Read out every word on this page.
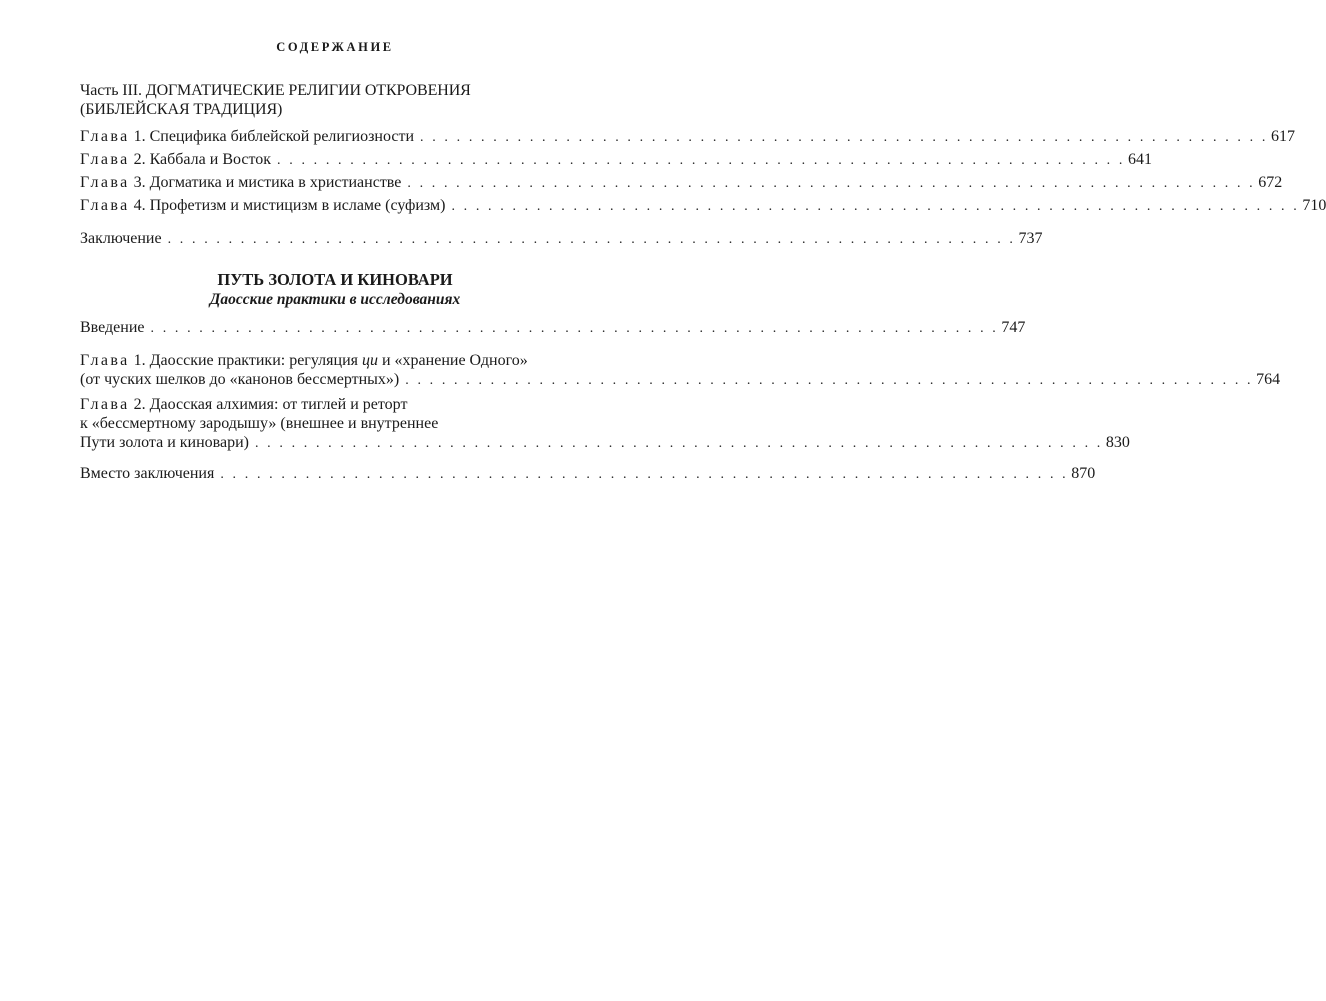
СОДЕРЖАНИЕ
Часть III. ДОГМАТИЧЕСКИЕ РЕЛИГИИ ОТКРОВЕНИЯ
(БИБЛЕЙСКАЯ ТРАДИЦИЯ)
Глава
1. Специфика библейской религиозности . . . . . . . . . . . . . . . . . . . . . . . . . . . . . . . . . . . . . . . . . . . . . . . . . . . . . . . . . . . . . . . . . . . . . . 617
Глава
2. Каббала и Восток . . . . . . . . . . . . . . . . . . . . . . . . . . . . . . . . . . . . . . . . . . . . . . . . . . . . . . . . . . . . . . . . . . . . . . 641
Глава
3. Догматика и мистика в христианстве . . . . . . . . . . . . . . . . . . . . . . . . . . . . . . . . . . . . . . . . . . . . . . . . . . . . . . . . . . . . . . . . . . . . . . 672
Глава
4. Профетизм и мистицизм в исламе (суфизм) . . . . . . . . . . . . . . . . . . . . . . . . . . . . . . . . . . . . . . . . . . . . . . . . . . . . . . . . . . . . . . . . . . . . . . 710
Заключение . . . . . . . . . . . . . . . . . . . . . . . . . . . . . . . . . . . . . . . . . . . . . . . . . . . . . . . . . . . . . . . . . . . . . . 737
ПУТЬ ЗОЛОТА И КИНОВАРИ
Даосские практики в исследованиях
Введение . . . . . . . . . . . . . . . . . . . . . . . . . . . . . . . . . . . . . . . . . . . . . . . . . . . . . . . . . . . . . . . . . . . . . . 747
Глава
1. Даосские практики: регуляция ци и «хранение Одного»
(от чуских шелков до «канонов бессмертных») . . . . . . . . . . . . . . . . . . . . . . . . . . . . . . . . . . . . . . . . . . . . . . . . . . . . . . . . . . . . . . . . . . . . . . 764
Глава
2. Даосская алхимия: от тиглей и реторт
к «бессмертному зародышу» (внешнее и внутреннее
Пути золота и киновари) . . . . . . . . . . . . . . . . . . . . . . . . . . . . . . . . . . . . . . . . . . . . . . . . . . . . . . . . . . . . . . . . . . . . . . 830
Вместо заключения . . . . . . . . . . . . . . . . . . . . . . . . . . . . . . . . . . . . . . . . . . . . . . . . . . . . . . . . . . . . . . . . . . . . . . 870
